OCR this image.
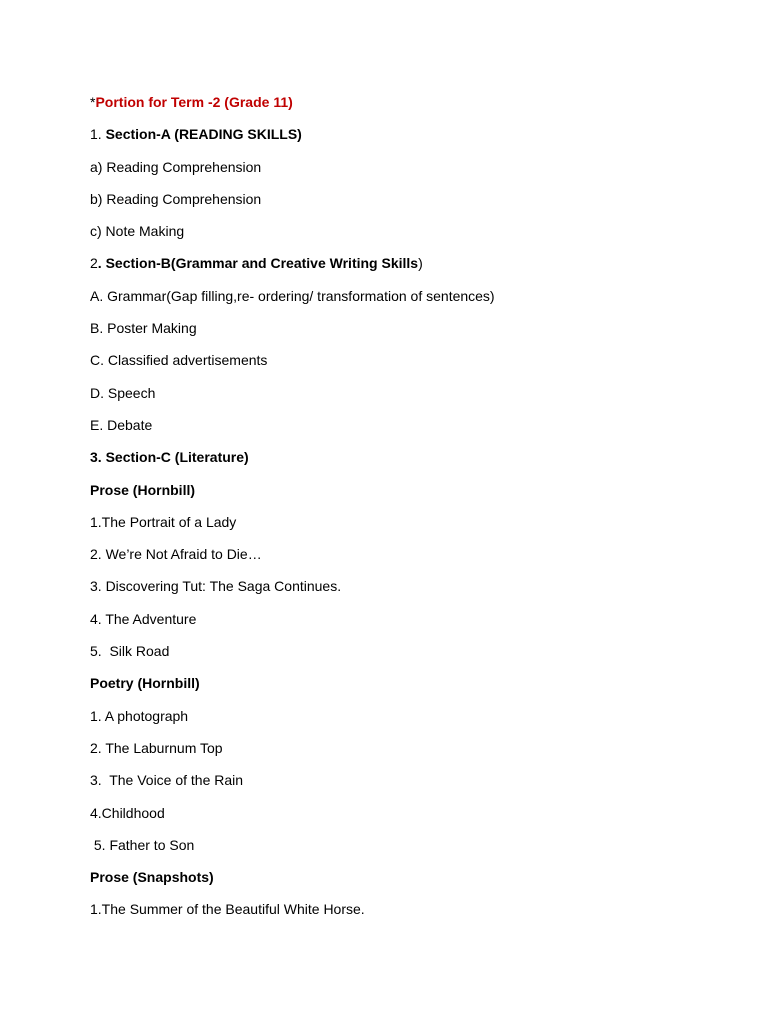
*Portion for Term -2 (Grade 11)
1. Section-A (READING SKILLS)
a) Reading Comprehension
b) Reading Comprehension
c) Note Making
2. Section-B(Grammar and Creative Writing Skills)
A. Grammar(Gap filling,re- ordering/ transformation of sentences)
B. Poster Making
C. Classified advertisements
D. Speech
E. Debate
3. Section-C (Literature)
Prose (Hornbill)
1.The Portrait of a Lady
2. We’re Not Afraid to Die…
3. Discovering Tut: The Saga Continues.
4. The Adventure
5.  Silk Road
Poetry (Hornbill)
1. A photograph
2. The Laburnum Top
3.  The Voice of the Rain
4.Childhood
5. Father to Son
Prose (Snapshots)
1.The Summer of the Beautiful White Horse.
